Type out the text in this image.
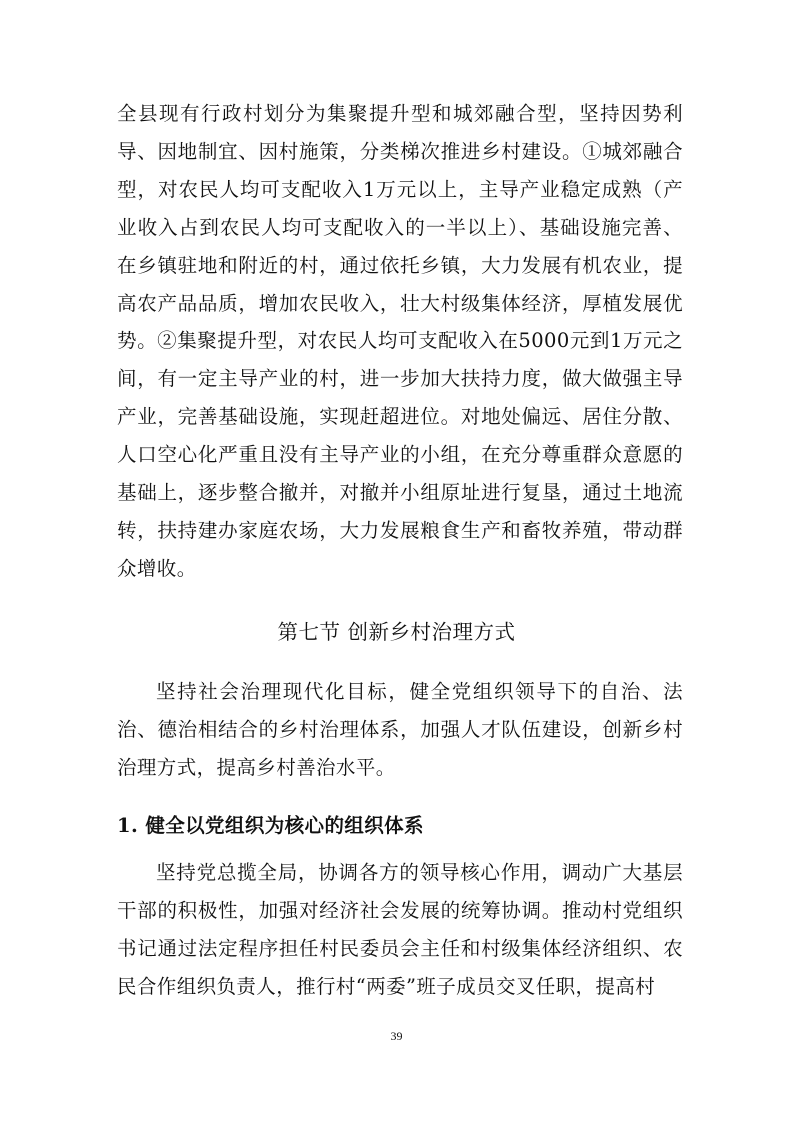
全县现有行政村划分为集聚提升型和城郊融合型，坚持因势利导、因地制宜、因村施策，分类梯次推进乡村建设。①城郊融合型，对农民人均可支配收入1万元以上，主导产业稳定成熟（产业收入占到农民人均可支配收入的一半以上）、基础设施完善、在乡镇驻地和附近的村，通过依托乡镇，大力发展有机农业，提高农产品品质，增加农民收入，壮大村级集体经济，厚植发展优势。②集聚提升型，对农民人均可支配收入在5000元到1万元之间，有一定主导产业的村，进一步加大扶持力度，做大做强主导产业，完善基础设施，实现赶超进位。对地处偏远、居住分散、人口空心化严重且没有主导产业的小组，在充分尊重群众意愿的基础上，逐步整合撤并，对撤并小组原址进行复垦，通过土地流转，扶持建办家庭农场，大力发展粮食生产和畜牧养殖，带动群众增收。

第七节 创新乡村治理方式

坚持社会治理现代化目标，健全党组织领导下的自治、法治、德治相结合的乡村治理体系，加强人才队伍建设，创新乡村治理方式，提高乡村善治水平。

1. 健全以党组织为核心的组织体系

坚持党总揽全局，协调各方的领导核心作用，调动广大基层干部的积极性，加强对经济社会发展的统筹协调。推动村党组织书记通过法定程序担任村民委员会主任和村级集体经济组织、农民合作组织负责人，推行村“两委”班子成员交叉任职，提高村

39
